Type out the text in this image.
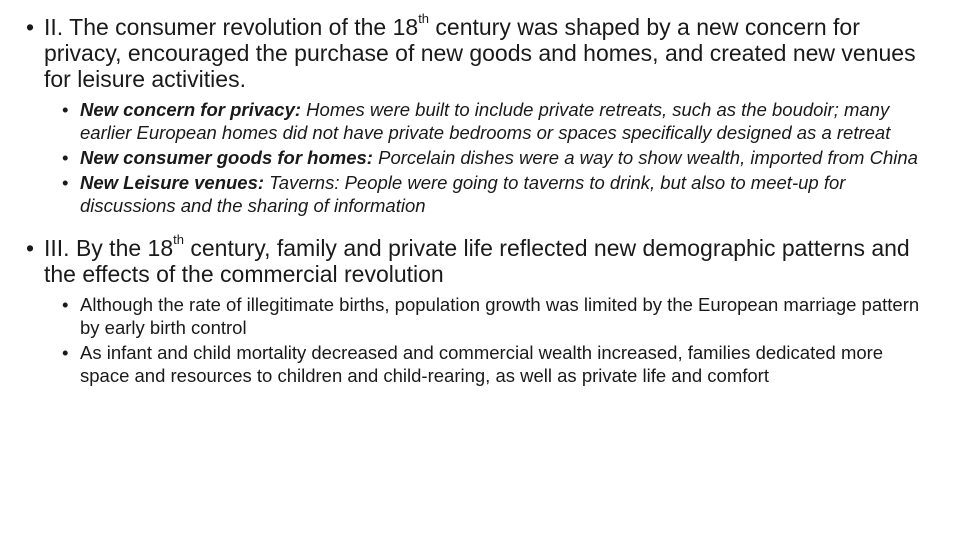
• II. The consumer revolution of the 18th century was shaped by a new concern for privacy, encouraged the purchase of new goods and homes, and created new venues for leisure activities.
• New concern for privacy: Homes were built to include private retreats, such as the boudoir; many earlier European homes did not have private bedrooms or spaces specifically designed as a retreat
• New consumer goods for homes: Porcelain dishes were a way to show wealth, imported from China
• New Leisure venues: Taverns: People were going to taverns to drink, but also to meet-up for discussions and the sharing of information
• III. By the 18th century, family and private life reflected new demographic patterns and the effects of the commercial revolution
• Although the rate of illegitimate births, population growth was limited by the European marriage pattern by early birth control
• As infant and child mortality decreased and commercial wealth increased, families dedicated more space and resources to children and child-rearing, as well as private life and comfort
